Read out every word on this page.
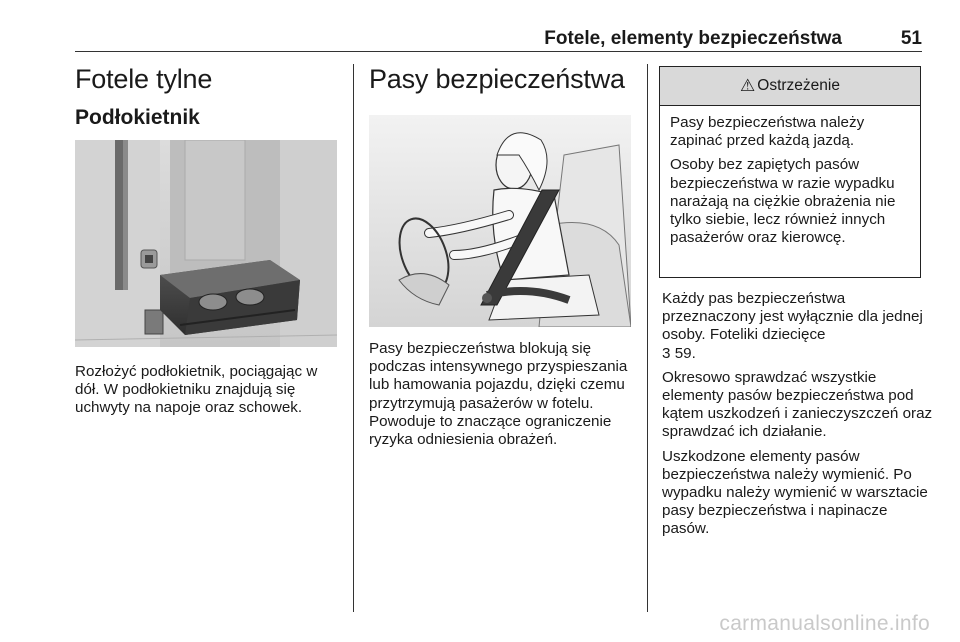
Fotele, elementy bezpieczeństwa	51
Fotele tylne
Podłokietnik

Rozłożyć podłokietnik, pociągając w dół. W podłokietniku znajdują się uchwyty na napoje oraz schowek.

Pasy bezpieczeństwa

Pasy bezpieczeństwa blokują się podczas intensywnego przyspieszania lub hamowania pojazdu, dzięki czemu przytrzymują pasażerów w fotelu. Powoduje to znaczące ograniczenie ryzyka odniesienia obrażeń.

⚠ Ostrzeżenie

Pasy bezpieczeństwa należy zapinać przed każdą jazdą.

Osoby bez zapiętych pasów bezpieczeństwa w razie wypadku narażają na ciężkie obrażenia nie tylko siebie, lecz również innych pasażerów oraz kierowcę.

Każdy pas bezpieczeństwa przeznaczony jest wyłącznie dla jednej osoby. Foteliki dziecięce
3 59.

Okresowo sprawdzać wszystkie elementy pasów bezpieczeństwa pod kątem uszkodzeń i zanieczyszczeń oraz sprawdzać ich działanie.

Uszkodzone elementy pasów bezpieczeństwa należy wymienić. Po wypadku należy wymienić w warsztacie pasy bezpieczeństwa i napinacze pasów.

carmanualsonline.info
